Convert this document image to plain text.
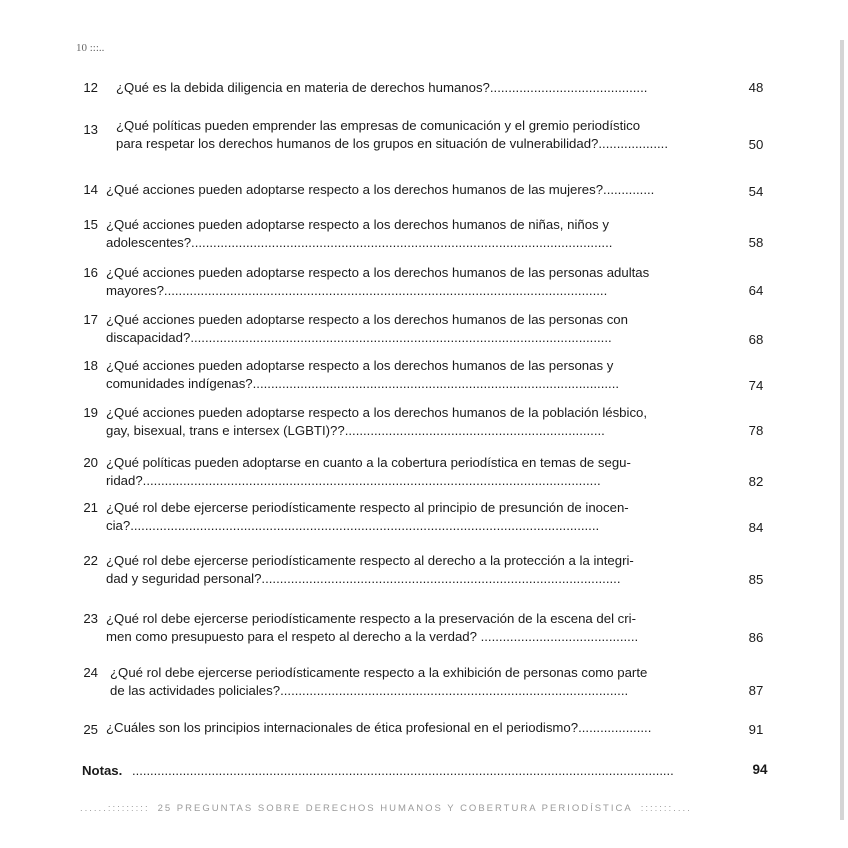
10 :::..
12 ¿Qué es la debida diligencia en materia de derechos humanos?...........................................	48
13 ¿Qué políticas pueden emprender las empresas de comunicación y el gremio periodístico
para respetar los derechos humanos de los grupos en situación de vulnerabilidad?...................	50
14 ¿Qué acciones pueden adoptarse respecto a los derechos humanos de las mujeres?..............	54
15 ¿Qué acciones pueden adoptarse respecto a los derechos humanos de niñas, niños y
adolescentes?...................................................................................................................	58
16 ¿Qué acciones pueden adoptarse respecto a los derechos humanos de las personas adultas
mayores?.........................................................................................................................	64
17 ¿Qué acciones pueden adoptarse respecto a los derechos humanos de las personas con
discapacidad?...................................................................................................................	68
18 ¿Qué acciones pueden adoptarse respecto a los derechos humanos de las personas y
comunidades indígenas?....................................................................................................	74
19 ¿Qué acciones pueden adoptarse respecto a los derechos humanos de la población lésbico,
gay, bisexual, trans e intersex (LGBTI)??.......................................................................	78
20 ¿Qué políticas pueden adoptarse en cuanto a la cobertura periodística en temas de segu-
ridad?.............................................................................................................................	82
21 ¿Qué rol debe ejercerse periodísticamente respecto al principio de presunción de inocen-
cia?................................................................................................................................	84
22 ¿Qué rol debe ejercerse periodísticamente respecto al derecho a la protección a la integri-
dad y seguridad personal?..................................................................................................	85
23 ¿Qué rol debe ejercerse periodísticamente respecto a la preservación de la escena del cri-
men como presupuesto para el respeto al derecho a la verdad? ...........................................	86
24 ¿Qué rol debe ejercerse periodísticamente respecto a la exhibición de personas como parte
de las actividades policiales?...............................................................................................	87
25 ¿Cuáles son los principios internacionales de ética profesional en el periodismo?....................	91
Notas. ......................................................................................................................................................	94
......::::::::: 25 PREGUNTAS SOBRE DERECHOS HUMANOS Y COBERTURA PERIODÍSTICA :::::::....
